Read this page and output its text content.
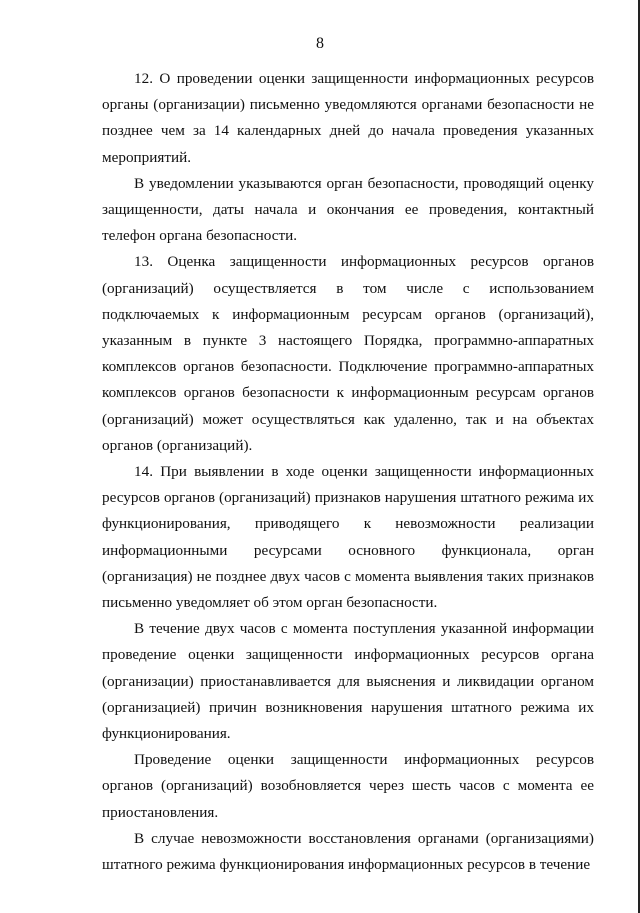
8

12. О проведении оценки защищенности информационных ресурсов органы (организации) письменно уведомляются органами безопасности не позднее чем за 14 календарных дней до начала проведения указанных мероприятий.

В уведомлении указываются орган безопасности, проводящий оценку защищенности, даты начала и окончания ее проведения, контактный телефон органа безопасности.

13. Оценка защищенности информационных ресурсов органов (организаций) осуществляется в том числе с использованием подключаемых к информационным ресурсам органов (организаций), указанным в пункте 3 настоящего Порядка, программно-аппаратных комплексов органов безопасности. Подключение программно-аппаратных комплексов органов безопасности к информационным ресурсам органов (организаций) может осуществляться как удаленно, так и на объектах органов (организаций).

14. При выявлении в ходе оценки защищенности информационных ресурсов органов (организаций) признаков нарушения штатного режима их функционирования, приводящего к невозможности реализации информационными ресурсами основного функционала, орган (организация) не позднее двух часов с момента выявления таких признаков письменно уведомляет об этом орган безопасности.

В течение двух часов с момента поступления указанной информации проведение оценки защищенности информационных ресурсов органа (организации) приостанавливается для выяснения и ликвидации органом (организацией) причин возникновения нарушения штатного режима их функционирования.

Проведение оценки защищенности информационных ресурсов органов (организаций) возобновляется через шесть часов с момента ее приостановления.

В случае невозможности восстановления органами (организациями) штатного режима функционирования информационных ресурсов в течение
